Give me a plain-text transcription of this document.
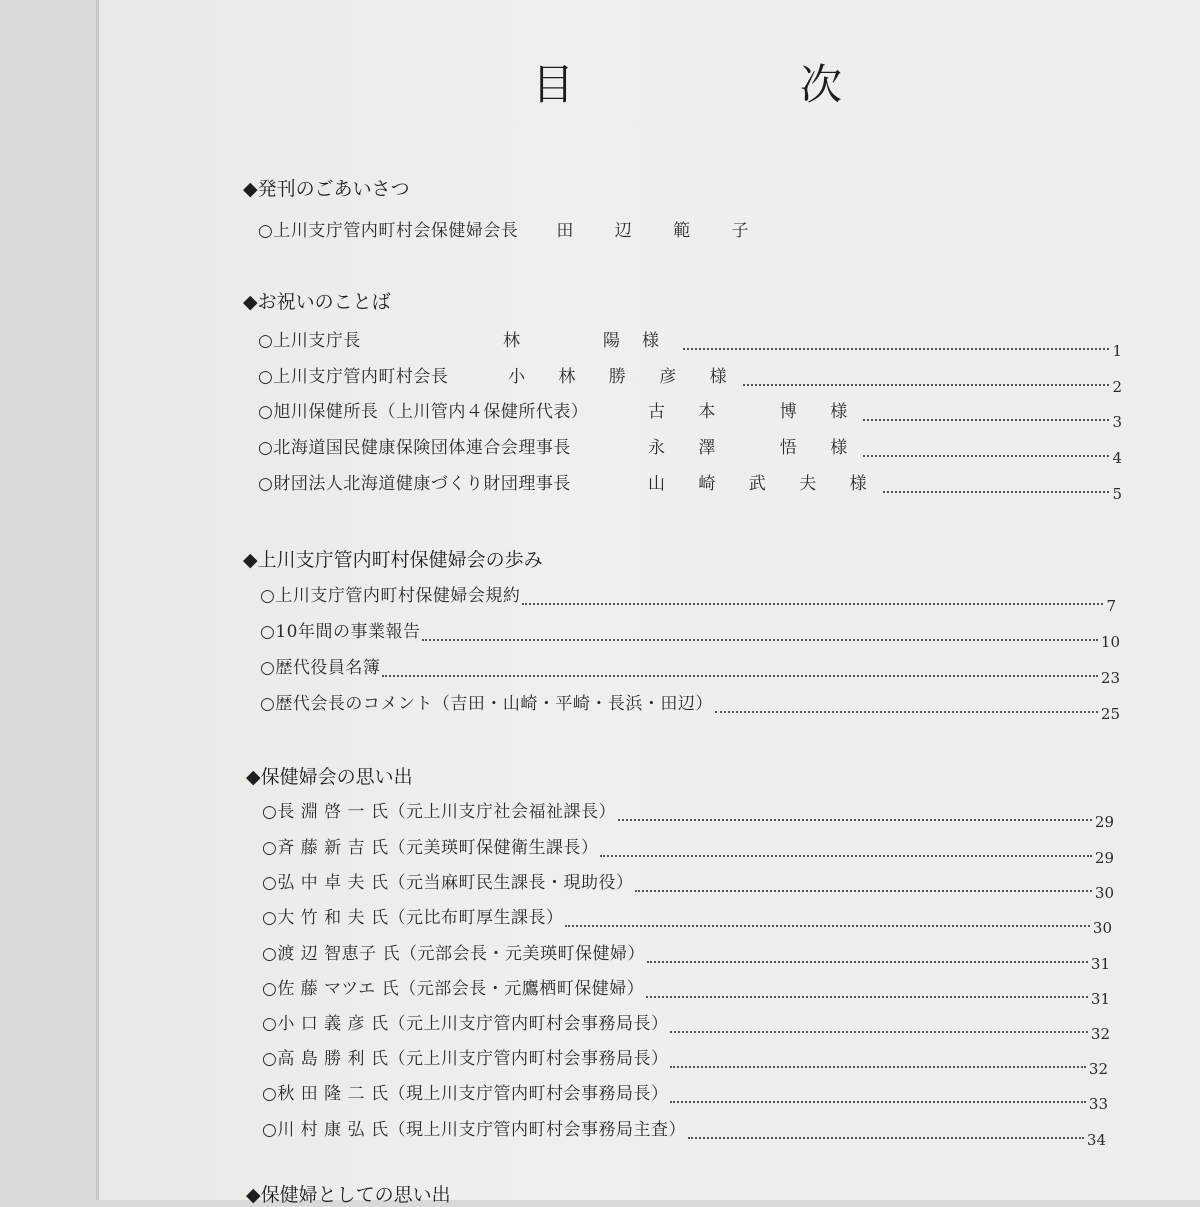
目	次
◆発刊のごあいさつ
○上川支庁管内町村会保健婦会長 田 辺 範 子
◆お祝いのことば
○上川支庁長	林	陽様	1
○上川支庁管内町村会長	小 林 勝 彦 様	2
○旭川保健所長（上川管内４保健所代表）	古 本　 博 様	3
○北海道国民健康保険団体連合会理事長	永 澤　 悟 様	4
○財団法人北海道健康づくり財団理事長	山 崎 武 夫 様	5
◆上川支庁管内町村保健婦会の歩み
○上川支庁管内町村保健婦会規約	7
○10年間の事業報告	10
○歴代役員名簿	23
○歴代会長のコメント（吉田・山崎・平崎・長浜・田辺）	25
◆保健婦会の思い出
○長 淵 啓 一 氏（元上川支庁社会福祉課長）	29
○斉 藤 新 吉 氏（元美瑛町保健衛生課長）	29
○弘 中 卓 夫 氏（元当麻町民生課長・現助役）	30
○大 竹 和 夫 氏（元比布町厚生課長）	30
○渡 辺 智恵子 氏（元部会長・元美瑛町保健婦）	31
○佐 藤 マツエ 氏（元部会長・元鷹栖町保健婦）	31
○小 口 義 彦 氏（元上川支庁管内町村会事務局長）	32
○高 島 勝 利 氏（元上川支庁管内町村会事務局長）	32
○秋 田 隆 二 氏（現上川支庁管内町村会事務局長）	33
○川 村 康 弘 氏（現上川支庁管内町村会事務局主査）	34
◆保健婦としての思い出
